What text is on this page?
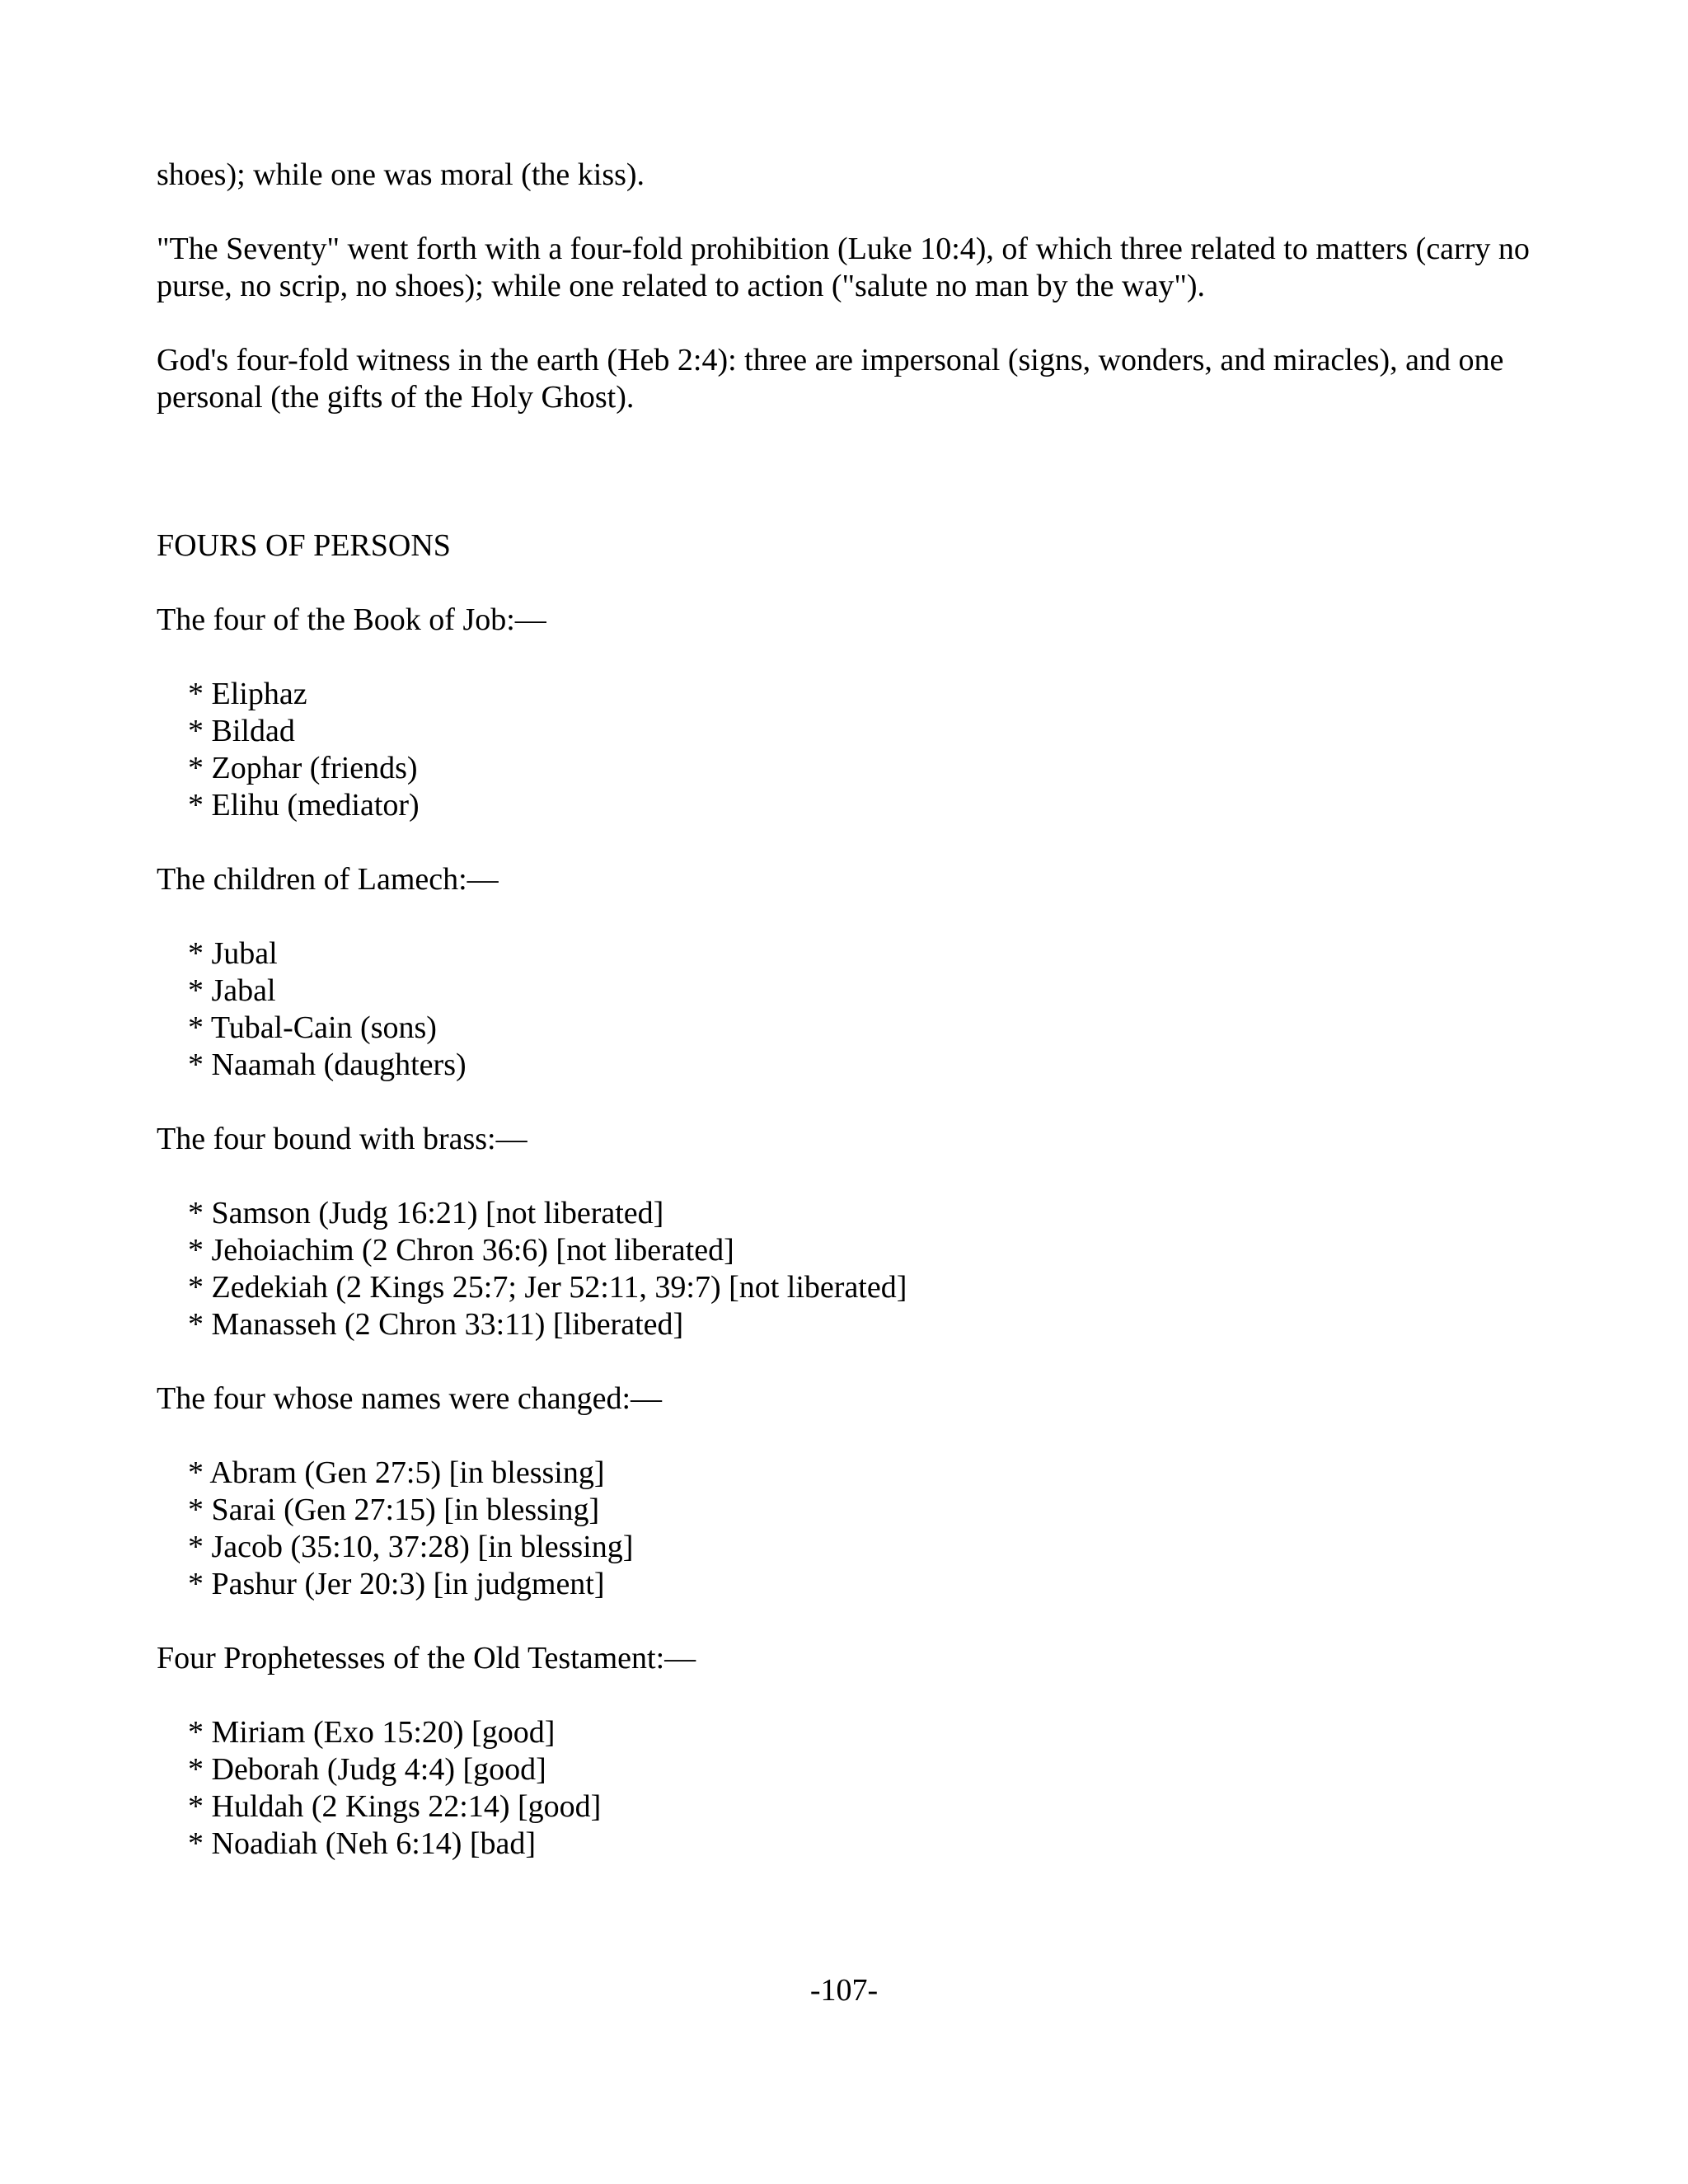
shoes); while one was moral (the kiss).

"The Seventy" went forth with a four-fold prohibition (Luke 10:4), of which three related to matters (carry no purse, no scrip, no shoes); while one related to action ("salute no man by the way").

God's four-fold witness in the earth (Heb 2:4): three are impersonal (signs, wonders, and miracles), and one personal (the gifts of the Holy Ghost).

FOURS OF PERSONS

The four of the Book of Job:—

* Eliphaz
* Bildad
* Zophar (friends)
* Elihu (mediator)

The children of Lamech:—

* Jubal
* Jabal
* Tubal-Cain (sons)
* Naamah (daughters)

The four bound with brass:—

* Samson (Judg 16:21) [not liberated]
* Jehoiachim (2 Chron 36:6) [not liberated]
* Zedekiah (2 Kings 25:7; Jer 52:11, 39:7) [not liberated]
* Manasseh (2 Chron 33:11) [liberated]

The four whose names were changed:—

* Abram (Gen 27:5) [in blessing]
* Sarai (Gen 27:15) [in blessing]
* Jacob (35:10, 37:28) [in blessing]
* Pashur (Jer 20:3) [in judgment]

Four Prophetesses of the Old Testament:—

* Miriam (Exo 15:20) [good]
* Deborah (Judg 4:4) [good]
* Huldah (2 Kings 22:14) [good]
* Noadiah (Neh 6:14) [bad]
-107-
